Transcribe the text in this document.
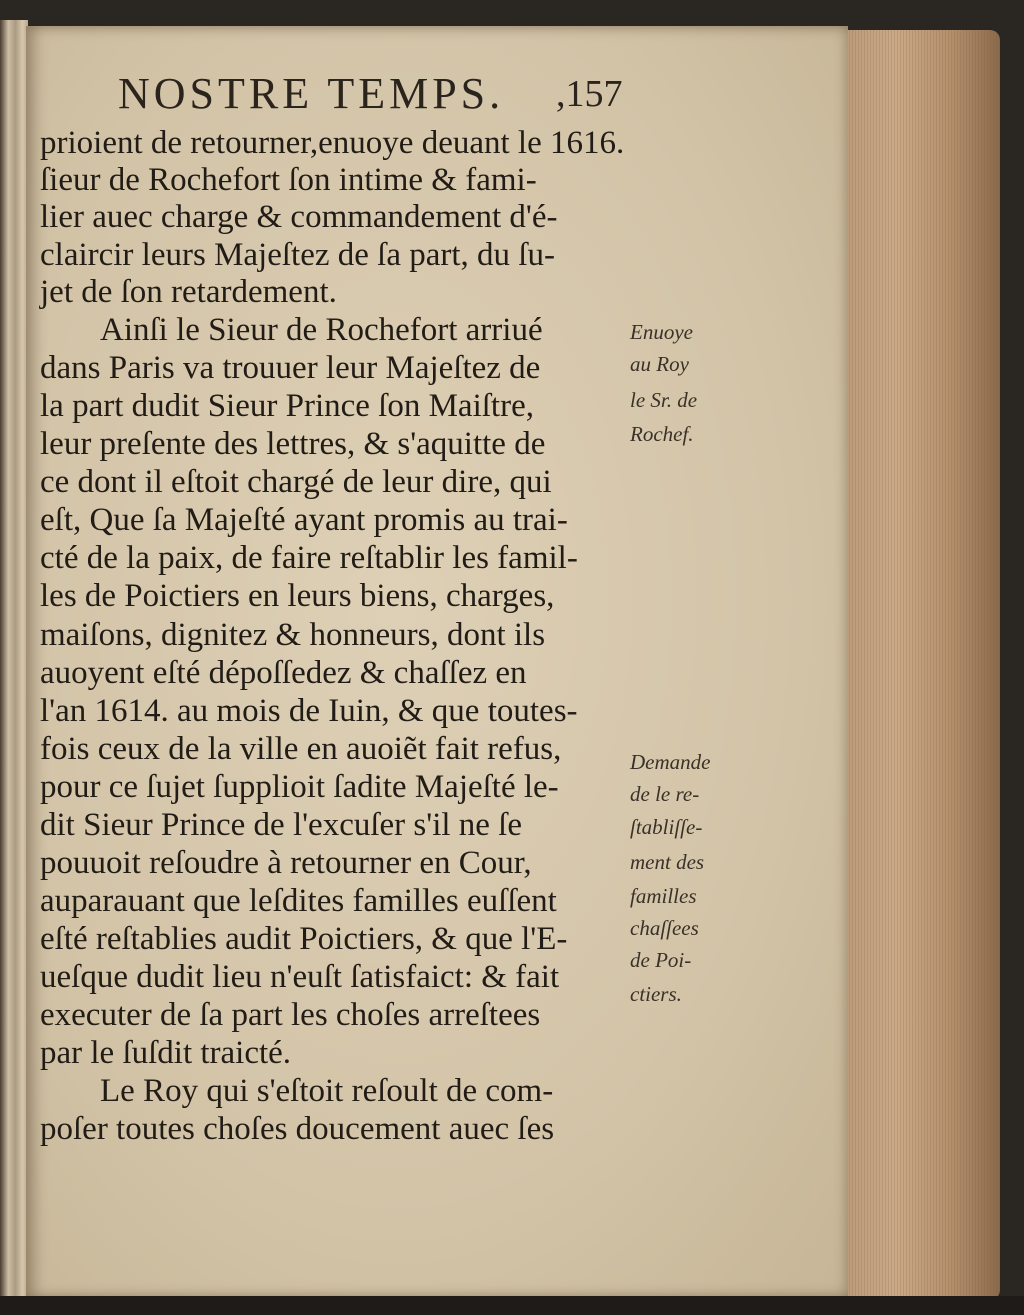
NOSTRE TEMPS. ,157
prioient de retourner,enuoye deuant le 1616.
ſieur de Rochefort ſon intime & fami-
lier auec charge & commandement d'é-
claircir leurs Majeſtez de ſa part, du ſu-
jet de ſon retardement.
Ainſi le Sieur de Rochefort arriué
dans Paris va trouuer leur Majeſtez de
la part dudit Sieur Prince ſon Maiſtre,
leur preſente des lettres, & s'aquitte de
ce dont il eſtoit chargé de leur dire, qui
eſt, Que ſa Majeſté ayant promis au trai-
cté de la paix, de faire reſtablir les famil-
les de Poictiers en leurs biens, charges,
maiſons, dignitez & honneurs, dont ils
auoyent eſté dépoſſedez & chaſſez en
l'an 1614. au mois de Iuin, & que toutes-
fois ceux de la ville en auoiẽt fait refus,
pour ce ſujet ſupplioit ſadite Majeſté le-
dit Sieur Prince de l'excuſer s'il ne ſe
pouuoit reſoudre à retourner en Cour,
auparauant que leſdites familles euſſent
eſté reſtablies audit Poictiers, & que l'E-
ueſque dudit lieu n'euſt ſatisfaict: & fait
executer de ſa part les choſes arreſtees
par le ſuſdit traicté.
Le Roy qui s'eſtoit reſoult de com-
poſer toutes choſes doucement auec ſes
Enuoye
au Roy
le Sr. de
Rochef.
Demande
de le re-
ſtabliſſe-
ment des
familles
chaſſees
de Poi-
ctiers.
